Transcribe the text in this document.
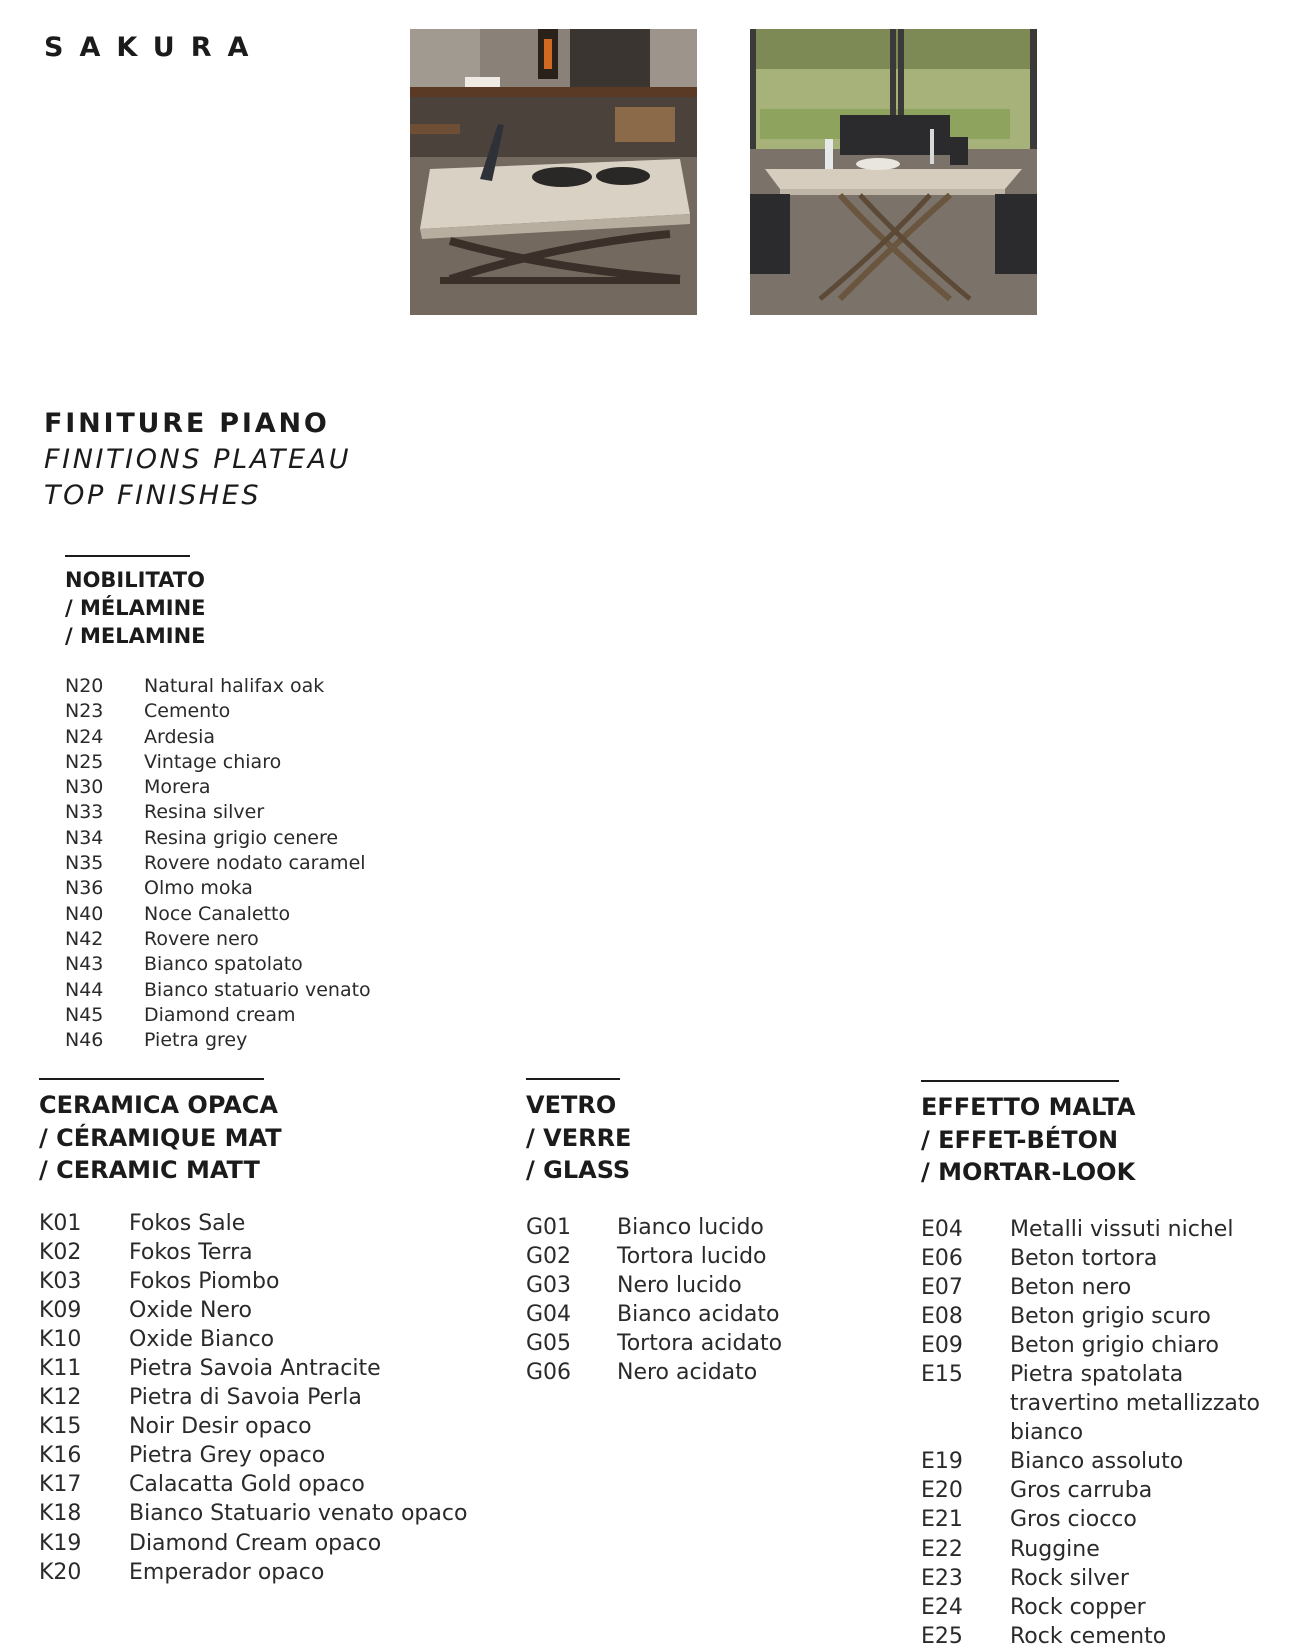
SAKURA
FINITURE PIANO
FINITIONS PLATEAU
TOP FINISHES
NOBILITATO
/ MÉLAMINE
/ MELAMINE
N20	Natural halifax oak
N23	Cemento
N24	Ardesia
N25	Vintage chiaro
N30	Morera
N33	Resina silver
N34	Resina grigio cenere
N35	Rovere nodato caramel
N36	Olmo moka
N40	Noce Canaletto
N42	Rovere nero
N43	Bianco spatolato
N44	Bianco statuario venato
N45	Diamond cream
N46	Pietra grey
CERAMICA OPACA
/ CÉRAMIQUE MAT
/ CERAMIC MATT
K01	Fokos Sale
K02	Fokos Terra
K03	Fokos Piombo
K09	Oxide Nero
K10	Oxide Bianco
K11	Pietra Savoia Antracite
K12	Pietra di Savoia Perla
K15	Noir Desir opaco
K16	Pietra Grey opaco
K17	Calacatta Gold opaco
K18	Bianco Statuario venato opaco
K19	Diamond Cream opaco
K20	Emperador opaco
VETRO
/ VERRE
/ GLASS
G01	Bianco lucido
G02	Tortora lucido
G03	Nero lucido
G04	Bianco acidato
G05	Tortora acidato
G06	Nero acidato
EFFETTO MALTA
/ EFFET-BÉTON
/ MORTAR-LOOK
E04	Metalli vissuti nichel
E06	Beton tortora
E07	Beton nero
E08	Beton grigio scuro
E09	Beton grigio chiaro
E15	Pietra spatolata travertino metallizzato bianco
E19	Bianco assoluto
E20	Gros carruba
E21	Gros ciocco
E22	Ruggine
E23	Rock silver
E24	Rock copper
E25	Rock cemento
